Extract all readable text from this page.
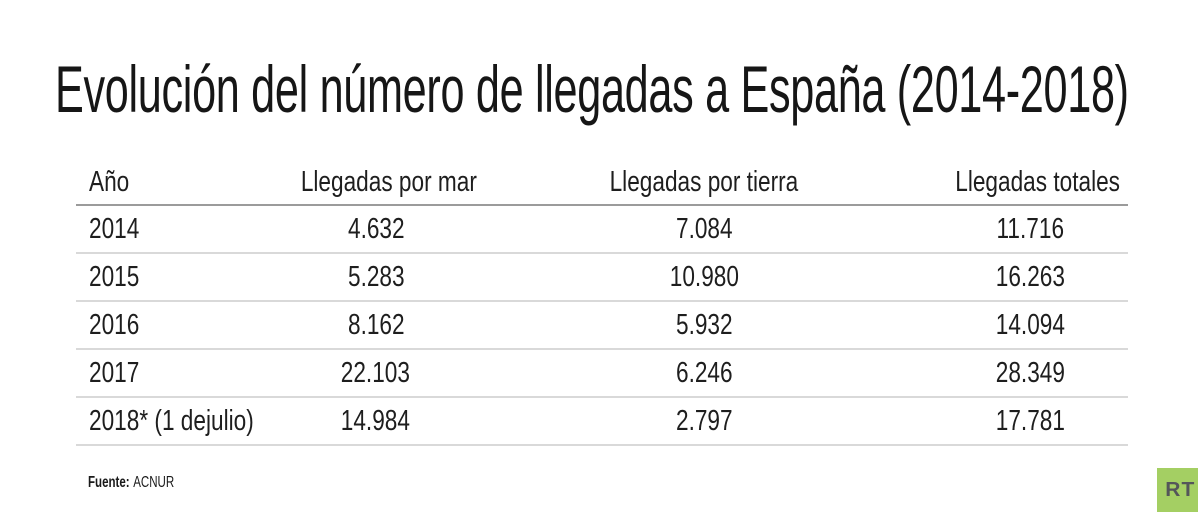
Evolución del número de llegadas a España (2014-2018)
Año	Llegadas por mar	Llegadas por tierra	Llegadas totales
2014	4.632	7.084	11.716
2015	5.283	10.980	16.263
2016	8.162	5.932	14.094
2017	22.103	6.246	28.349
2018* (1 dejulio)	14.984	2.797	17.781
Fuente: ACNUR	RT
